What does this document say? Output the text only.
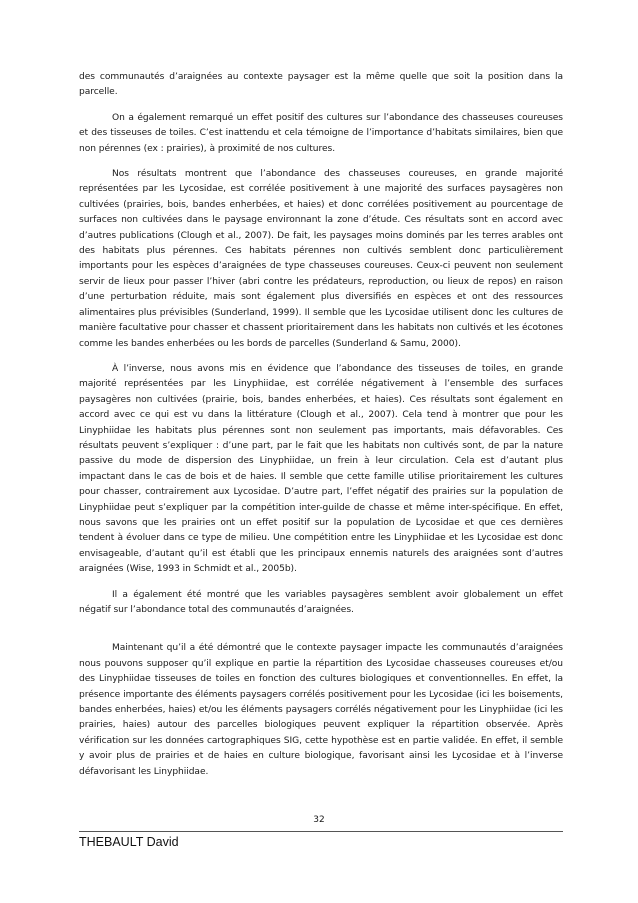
des communautés d’araignées au contexte paysager est la même quelle que soit la position dans la parcelle.

On a également remarqué un effet positif des cultures sur l’abondance des chasseuses coureuses et des tisseuses de toiles. C’est inattendu et cela témoigne de l’importance d’habitats similaires, bien que non pérennes (ex : prairies), à proximité de nos cultures.

Nos résultats montrent que l’abondance des chasseuses coureuses, en grande majorité représentées par les Lycosidae, est corrélée positivement à une majorité des surfaces paysagères non cultivées (prairies, bois, bandes enherbées, et haies) et donc corrélées positivement au pourcentage de surfaces non cultivées dans le paysage environnant la zone d’étude. Ces résultats sont en accord avec d’autres publications (Clough et al., 2007). De fait, les paysages moins dominés par les terres arables ont des habitats plus pérennes. Ces habitats pérennes non cultivés semblent donc particulièrement importants pour les espèces d’araignées de type chasseuses coureuses. Ceux-ci peuvent non seulement servir de lieux pour passer l’hiver (abri contre les prédateurs, reproduction, ou lieux de repos) en raison d’une perturbation réduite, mais sont également plus diversifiés en espèces et ont des ressources alimentaires plus prévisibles (Sunderland, 1999). Il semble que les Lycosidae utilisent donc les cultures de manière facultative pour chasser et chassent prioritairement dans les habitats non cultivés et les écotones comme les bandes enherbées ou les bords de parcelles (Sunderland & Samu, 2000).

À l’inverse, nous avons mis en évidence que l’abondance des tisseuses de toiles, en grande majorité représentées par les Linyphiidae, est corrélée négativement à l’ensemble des surfaces paysagères non cultivées (prairie, bois, bandes enherbées, et haies). Ces résultats sont également en accord avec ce qui est vu dans la littérature (Clough et al., 2007). Cela tend à montrer que pour les Linyphiidae les habitats plus pérennes sont non seulement pas importants, mais défavorables. Ces résultats peuvent s’expliquer : d’une part, par le fait que les habitats non cultivés sont, de par la nature passive du mode de dispersion des Linyphiidae, un frein à leur circulation. Cela est d’autant plus impactant dans le cas de bois et de haies. Il semble que cette famille utilise prioritairement les cultures pour chasser, contrairement aux Lycosidae. D’autre part, l’effet négatif des prairies sur la population de Linyphiidae peut s’expliquer par la compétition inter-guilde de chasse et même inter-spécifique. En effet, nous savons que les prairies ont un effet positif sur la population de Lycosidae et que ces dernières tendent à évoluer dans ce type de milieu. Une compétition entre les Linyphiidae et les Lycosidae est donc envisageable, d’autant qu’il est établi que les principaux ennemis naturels des araignées sont d’autres araignées (Wise, 1993 in Schmidt et al., 2005b).

Il a également été montré que les variables paysagères semblent avoir globalement un effet négatif sur l’abondance total des communautés d’araignées.

Maintenant qu’il a été démontré que le contexte paysager impacte les communautés d’araignées nous pouvons supposer qu’il explique en partie la répartition des Lycosidae chasseuses coureuses et/ou des Linyphiidae tisseuses de toiles en fonction des cultures biologiques et conventionnelles. En effet, la présence importante des éléments paysagers corrélés positivement pour les Lycosidae (ici les boisements, bandes enherbées, haies) et/ou les éléments paysagers corrélés négativement pour les Linyphiidae (ici les prairies, haies) autour des parcelles biologiques peuvent expliquer la répartition observée. Après vérification sur les données cartographiques SIG, cette hypothèse est en partie validée. En effet, il semble y avoir plus de prairies et de haies en culture biologique, favorisant ainsi les Lycosidae et à l’inverse défavorisant les Linyphiidae.

32
THEBAULT David
